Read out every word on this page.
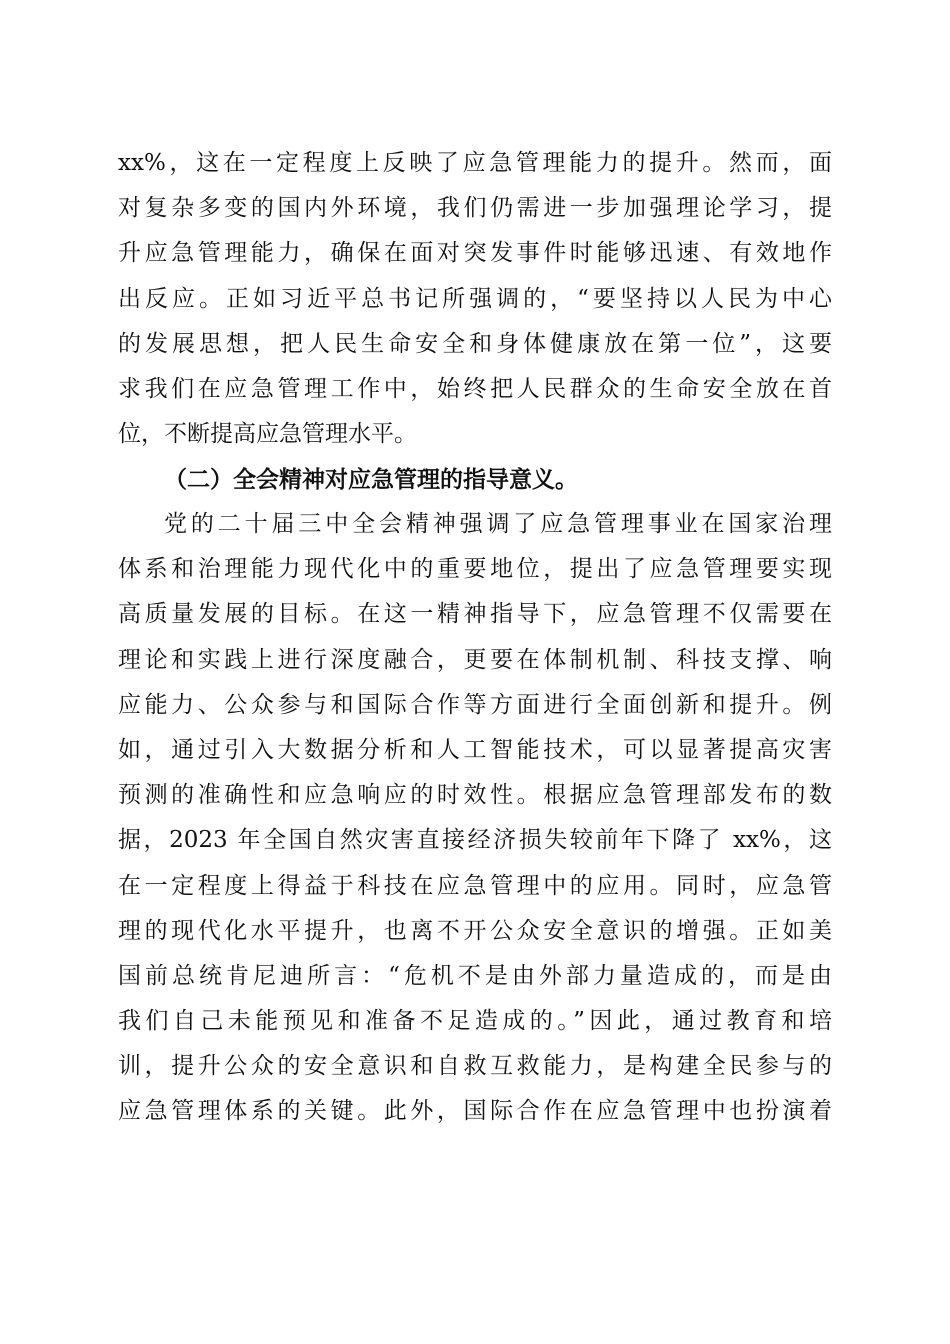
xx%，这在一定程度上反映了应急管理能力的提升。然而，面
对复杂多变的国内外环境，我们仍需进一步加强理论学习，提
升应急管理能力，确保在面对突发事件时能够迅速、有效地作
出反应。正如习近平总书记所强调的，“要坚持以人民为中心
的发展思想，把人民生命安全和身体健康放在第一位”，这要
求我们在应急管理工作中，始终把人民群众的生命安全放在首
位，不断提高应急管理水平。
（二）全会精神对应急管理的指导意义。
党的二十届三中全会精神强调了应急管理事业在国家治理
体系和治理能力现代化中的重要地位，提出了应急管理要实现
高质量发展的目标。在这一精神指导下，应急管理不仅需要在
理论和实践上进行深度融合，更要在体制机制、科技支撑、响
应能力、公众参与和国际合作等方面进行全面创新和提升。例
如，通过引入大数据分析和人工智能技术，可以显著提高灾害
预测的准确性和应急响应的时效性。根据应急管理部发布的数
据，2023 年全国自然灾害直接经济损失较前年下降了 xx%，这
在一定程度上得益于科技在应急管理中的应用。同时，应急管
理的现代化水平提升，也离不开公众安全意识的增强。正如美
国前总统肯尼迪所言：“危机不是由外部力量造成的，而是由
我们自己未能预见和准备不足造成的。”因此，通过教育和培
训，提升公众的安全意识和自救互救能力，是构建全民参与的
应急管理体系的关键。此外，国际合作在应急管理中也扮演着
